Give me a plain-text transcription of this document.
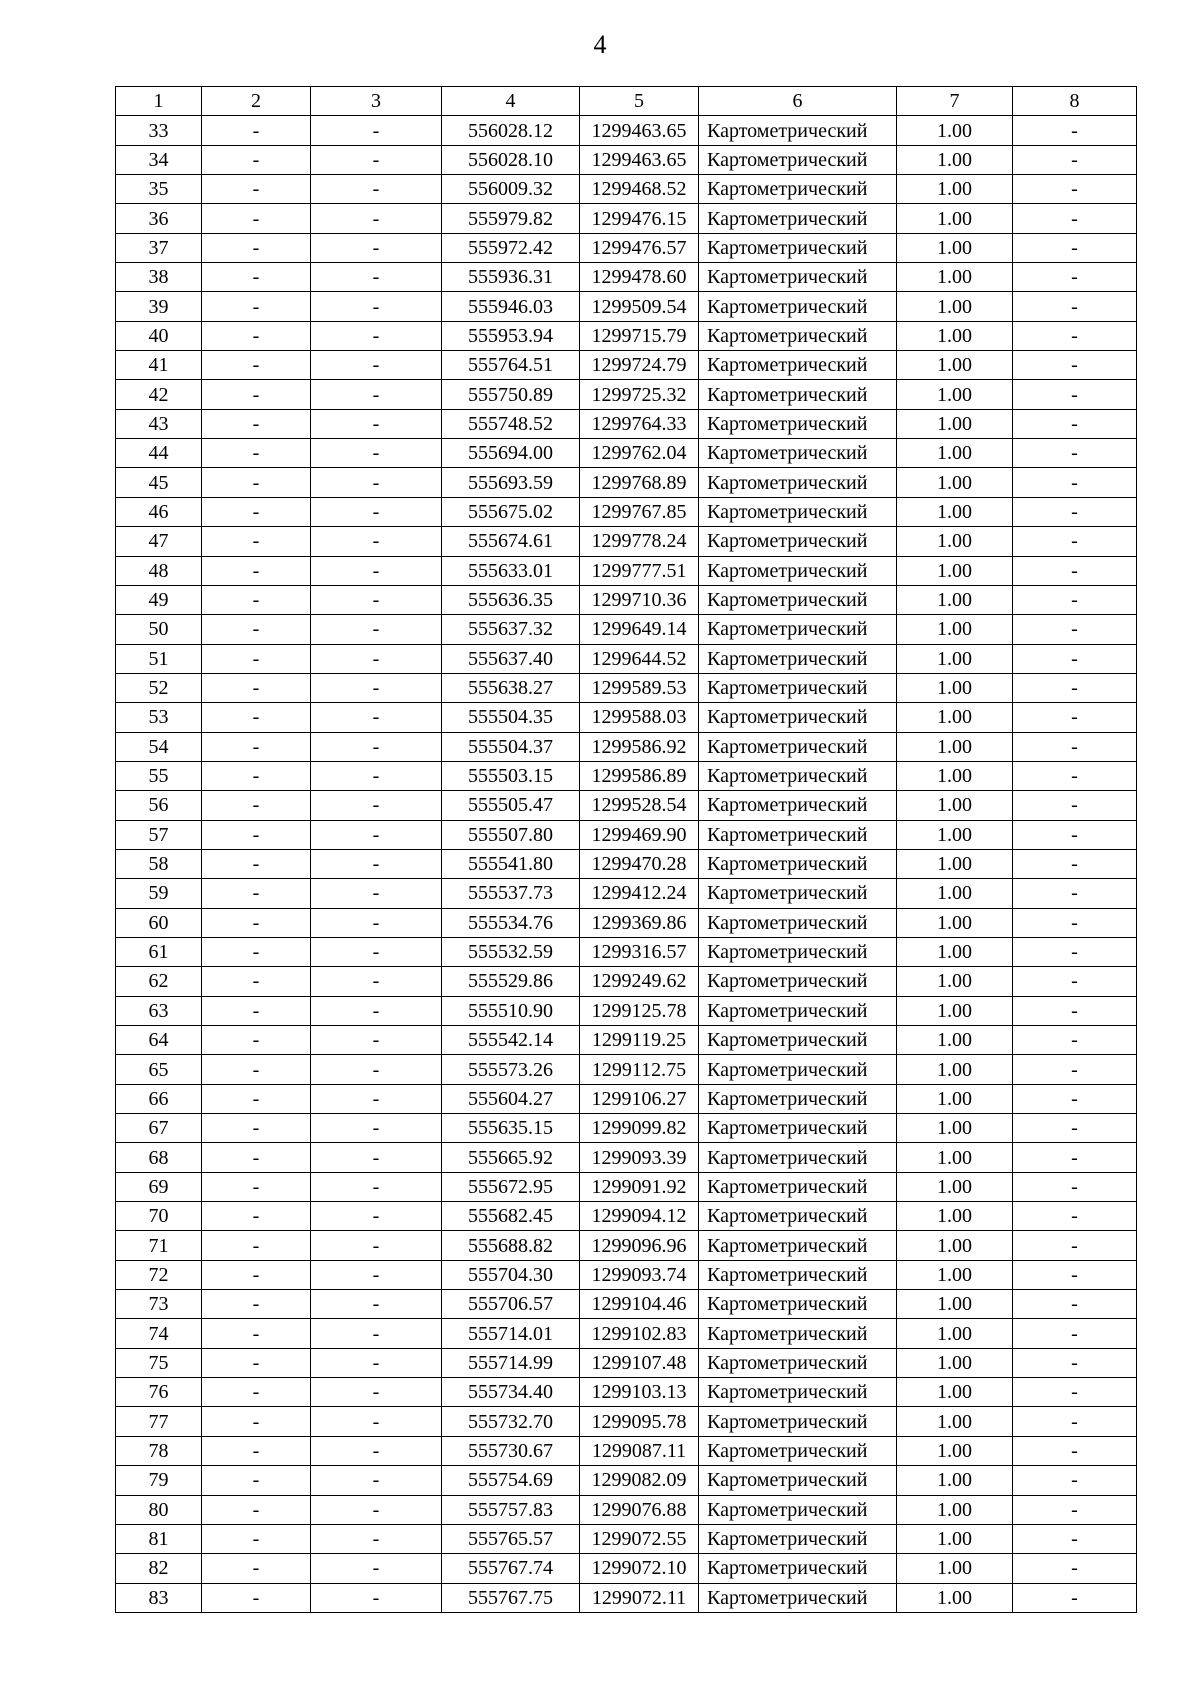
4
1	2	3	4	5	6	7	8
33	-	-	556028.12	1299463.65	Картометрический	1.00	-
34	-	-	556028.10	1299463.65	Картометрический	1.00	-
35	-	-	556009.32	1299468.52	Картометрический	1.00	-
36	-	-	555979.82	1299476.15	Картометрический	1.00	-
37	-	-	555972.42	1299476.57	Картометрический	1.00	-
38	-	-	555936.31	1299478.60	Картометрический	1.00	-
39	-	-	555946.03	1299509.54	Картометрический	1.00	-
40	-	-	555953.94	1299715.79	Картометрический	1.00	-
41	-	-	555764.51	1299724.79	Картометрический	1.00	-
42	-	-	555750.89	1299725.32	Картометрический	1.00	-
43	-	-	555748.52	1299764.33	Картометрический	1.00	-
44	-	-	555694.00	1299762.04	Картометрический	1.00	-
45	-	-	555693.59	1299768.89	Картометрический	1.00	-
46	-	-	555675.02	1299767.85	Картометрический	1.00	-
47	-	-	555674.61	1299778.24	Картометрический	1.00	-
48	-	-	555633.01	1299777.51	Картометрический	1.00	-
49	-	-	555636.35	1299710.36	Картометрический	1.00	-
50	-	-	555637.32	1299649.14	Картометрический	1.00	-
51	-	-	555637.40	1299644.52	Картометрический	1.00	-
52	-	-	555638.27	1299589.53	Картометрический	1.00	-
53	-	-	555504.35	1299588.03	Картометрический	1.00	-
54	-	-	555504.37	1299586.92	Картометрический	1.00	-
55	-	-	555503.15	1299586.89	Картометрический	1.00	-
56	-	-	555505.47	1299528.54	Картометрический	1.00	-
57	-	-	555507.80	1299469.90	Картометрический	1.00	-
58	-	-	555541.80	1299470.28	Картометрический	1.00	-
59	-	-	555537.73	1299412.24	Картометрический	1.00	-
60	-	-	555534.76	1299369.86	Картометрический	1.00	-
61	-	-	555532.59	1299316.57	Картометрический	1.00	-
62	-	-	555529.86	1299249.62	Картометрический	1.00	-
63	-	-	555510.90	1299125.78	Картометрический	1.00	-
64	-	-	555542.14	1299119.25	Картометрический	1.00	-
65	-	-	555573.26	1299112.75	Картометрический	1.00	-
66	-	-	555604.27	1299106.27	Картометрический	1.00	-
67	-	-	555635.15	1299099.82	Картометрический	1.00	-
68	-	-	555665.92	1299093.39	Картометрический	1.00	-
69	-	-	555672.95	1299091.92	Картометрический	1.00	-
70	-	-	555682.45	1299094.12	Картометрический	1.00	-
71	-	-	555688.82	1299096.96	Картометрический	1.00	-
72	-	-	555704.30	1299093.74	Картометрический	1.00	-
73	-	-	555706.57	1299104.46	Картометрический	1.00	-
74	-	-	555714.01	1299102.83	Картометрический	1.00	-
75	-	-	555714.99	1299107.48	Картометрический	1.00	-
76	-	-	555734.40	1299103.13	Картометрический	1.00	-
77	-	-	555732.70	1299095.78	Картометрический	1.00	-
78	-	-	555730.67	1299087.11	Картометрический	1.00	-
79	-	-	555754.69	1299082.09	Картометрический	1.00	-
80	-	-	555757.83	1299076.88	Картометрический	1.00	-
81	-	-	555765.57	1299072.55	Картометрический	1.00	-
82	-	-	555767.74	1299072.10	Картометрический	1.00	-
83	-	-	555767.75	1299072.11	Картометрический	1.00	-
